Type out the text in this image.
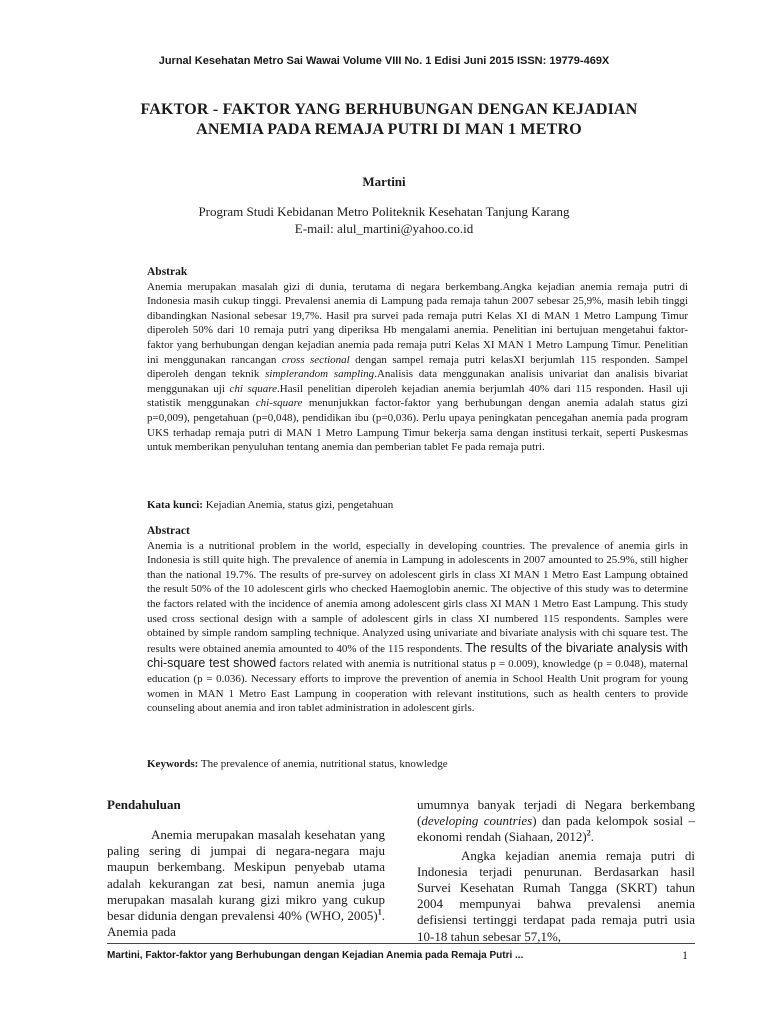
Jurnal Kesehatan Metro Sai Wawai Volume VIII No. 1 Edisi Juni 2015 ISSN: 19779-469X
FAKTOR - FAKTOR YANG BERHUBUNGAN DENGAN KEJADIAN
ANEMIA PADA REMAJA PUTRI DI MAN 1 METRO
Martini
Program Studi Kebidanan Metro Politeknik Kesehatan Tanjung Karang
E-mail: alul_martini@yahoo.co.id
Abstrak
Anemia merupakan masalah gizi di dunia, terutama di negara berkembang.Angka kejadian anemia remaja putri di Indonesia masih cukup tinggi. Prevalensi anemia di Lampung pada remaja tahun 2007 sebesar 25,9%, masih lebih tinggi dibandingkan Nasional sebesar 19,7%. Hasil pra survei pada remaja putri Kelas XI di MAN 1 Metro Lampung Timur diperoleh 50% dari 10 remaja putri yang diperiksa Hb mengalami anemia. Penelitian ini bertujuan mengetahui faktor-faktor yang berhubungan dengan kejadian anemia pada remaja putri Kelas XI MAN 1 Metro Lampung Timur. Penelitian ini menggunakan rancangan cross sectional dengan sampel remaja putri kelasXI berjumlah 115 responden. Sampel diperoleh dengan teknik simplerandom sampling.Analisis data menggunakan analisis univariat dan analisis bivariat menggunakan uji chi square.Hasil penelitian diperoleh kejadian anemia berjumlah 40% dari 115 responden. Hasil uji statistik menggunakan chi-square menunjukkan factor-faktor yang berhubungan dengan anemia adalah status gizi p=0,009), pengetahuan (p=0,048), pendidikan ibu (p=0,036). Perlu upaya peningkatan pencegahan anemia pada program UKS terhadap remaja putri di MAN 1 Metro Lampung Timur bekerja sama dengan institusi terkait, seperti Puskesmas untuk memberikan penyuluhan tentang anemia dan pemberian tablet Fe pada remaja putri.
Kata kunci: Kejadian Anemia, status gizi, pengetahuan
Abstract
Anemia is a nutritional problem in the world, especially in developing countries. The prevalence of anemia girls in Indonesia is still quite high. The prevalence of anemia in Lampung in adolescents in 2007 amounted to 25.9%, still higher than the national 19.7%. The results of pre-survey on adolescent girls in class XI MAN 1 Metro East Lampung obtained the result 50% of the 10 adolescent girls who checked Haemoglobin anemic. The objective of this study was to determine the factors related with the incidence of anemia among adolescent girls class XI MAN 1 Metro East Lampung. This study used cross sectional design with a sample of adolescent girls in class XI numbered 115 respondents. Samples were obtained by simple random sampling technique. Analyzed using univariate and bivariate analysis with chi square test. The results were obtained anemia amounted to 40% of the 115 respondents. The results of the bivariate analysis with chi-square test showed factors related with anemia is nutritional status p = 0.009), knowledge (p = 0.048), maternal education (p = 0.036). Necessary efforts to improve the prevention of anemia in School Health Unit program for young women in MAN 1 Metro East Lampung in cooperation with relevant institutions, such as health centers to provide counseling about anemia and iron tablet administration in adolescent girls.
Keywords: The prevalence of anemia, nutritional status, knowledge
Pendahuluan

Anemia merupakan masalah kesehatan yang paling sering di jumpai di negara-negara maju maupun berkembang. Meskipun penyebab utama adalah kekurangan zat besi, namun anemia juga merupakan masalah kurang gizi mikro yang cukup besar didunia dengan prevalensi 40% (WHO, 2005)$^1$. Anemia pada

umumnya banyak terjadi di Negara berkembang (developing countries) dan pada kelompok sosial – ekonomi rendah (Siahaan, 2012)$^2$.

Angka kejadian anemia remaja putri di Indonesia terjadi penurunan. Berdasarkan hasil Survei Kesehatan Rumah Tangga (SKRT) tahun 2004 mempunyai bahwa prevalensi anemia defisiensi tertinggi terdapat pada remaja putri usia 10-18 tahun sebesar 57,1%,

Martini, Faktor-faktor yang Berhubungan dengan Kejadian Anemia pada Remaja Putri ...	1
